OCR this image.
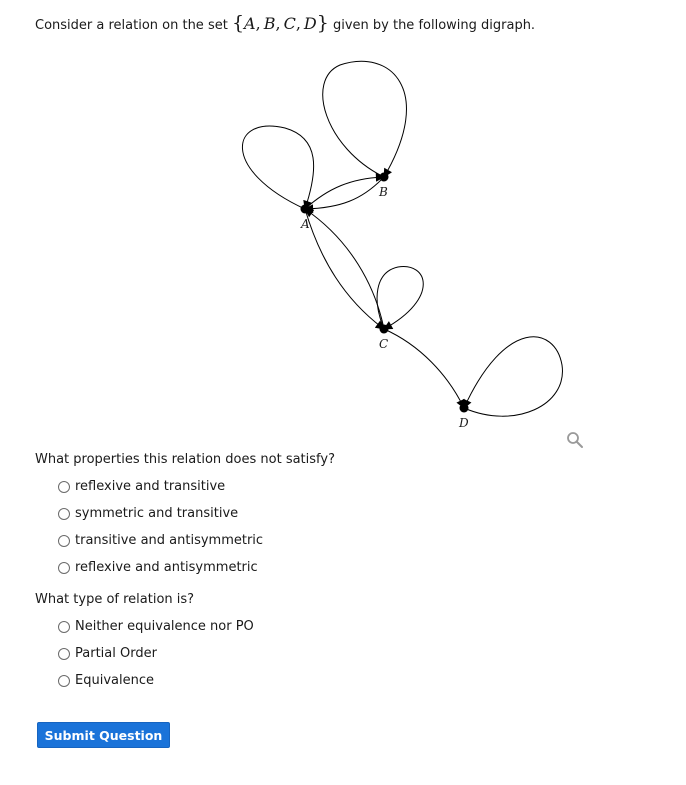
Consider a relation on the set {A, B, C, D} given by the following digraph.
A
B
C
D
What properties this relation does not satisfy?
reflexive and transitive
symmetric and transitive
transitive and antisymmetric
reflexive and antisymmetric
What type of relation is?
Neither equivalence nor PO
Partial Order
Equivalence
Submit Question
